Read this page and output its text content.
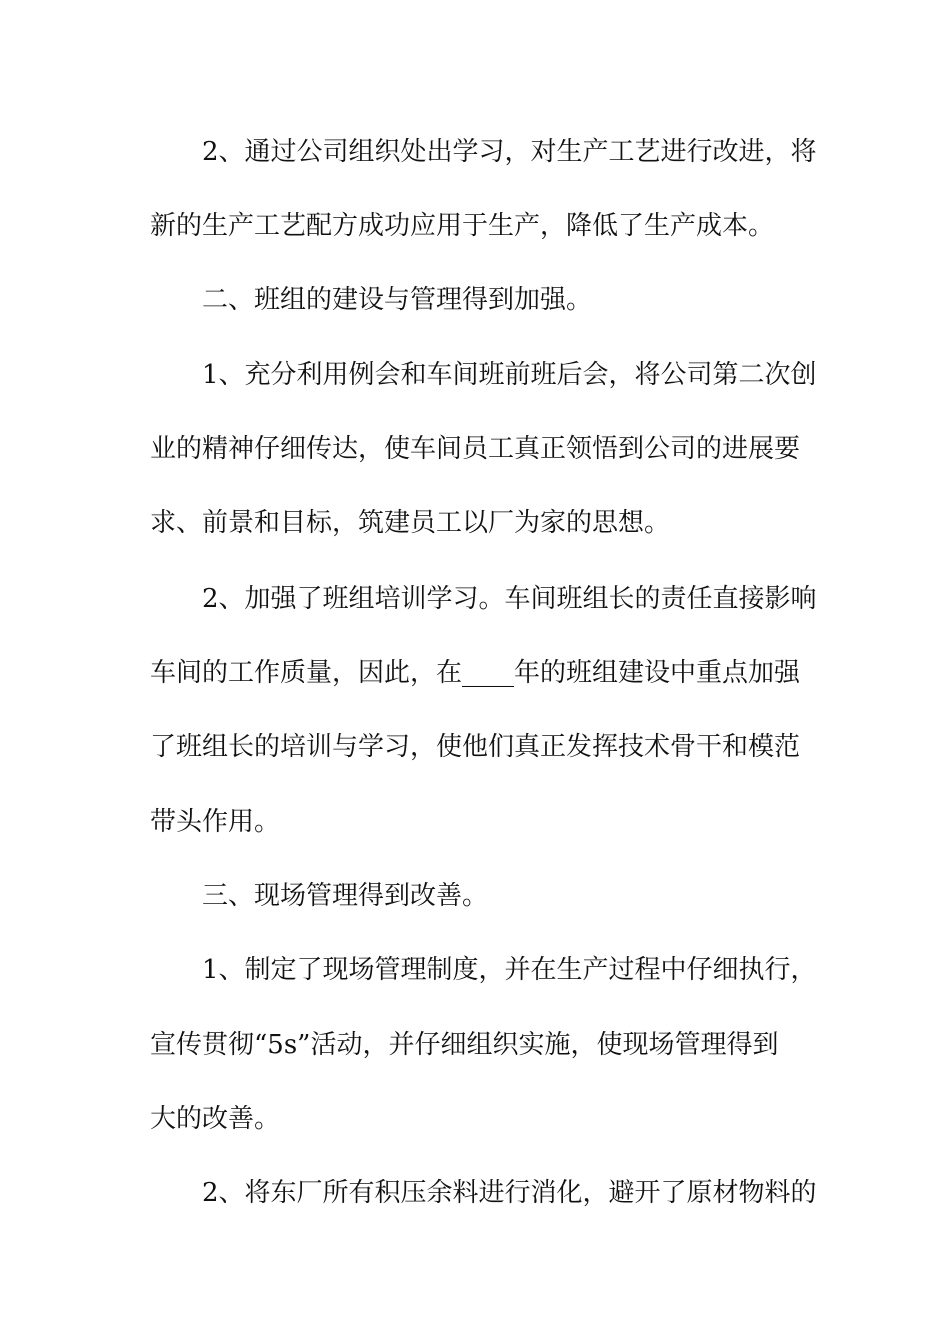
2、通过公司组织处出学习，对生产工艺进行改进，将
新的生产工艺配方成功应用于生产，降低了生产成本。
二、班组的建设与管理得到加强。
1、充分利用例会和车间班前班后会，将公司第二次创
业的精神仔细传达，使车间员工真正领悟到公司的进展要
求、前景和目标，筑建员工以厂为家的思想。
2、加强了班组培训学习。车间班组长的责任直接影响
车间的工作质量，因此，在____年的班组建设中重点加强
了班组长的培训与学习，使他们真正发挥技术骨干和模范
带头作用。
三、现场管理得到改善。
1、制定了现场管理制度，并在生产过程中仔细执行，
宣传贯彻“5s”活动，并仔细组织实施，使现场管理得到
大的改善。
2、将东厂所有积压余料进行消化，避开了原材物料的
